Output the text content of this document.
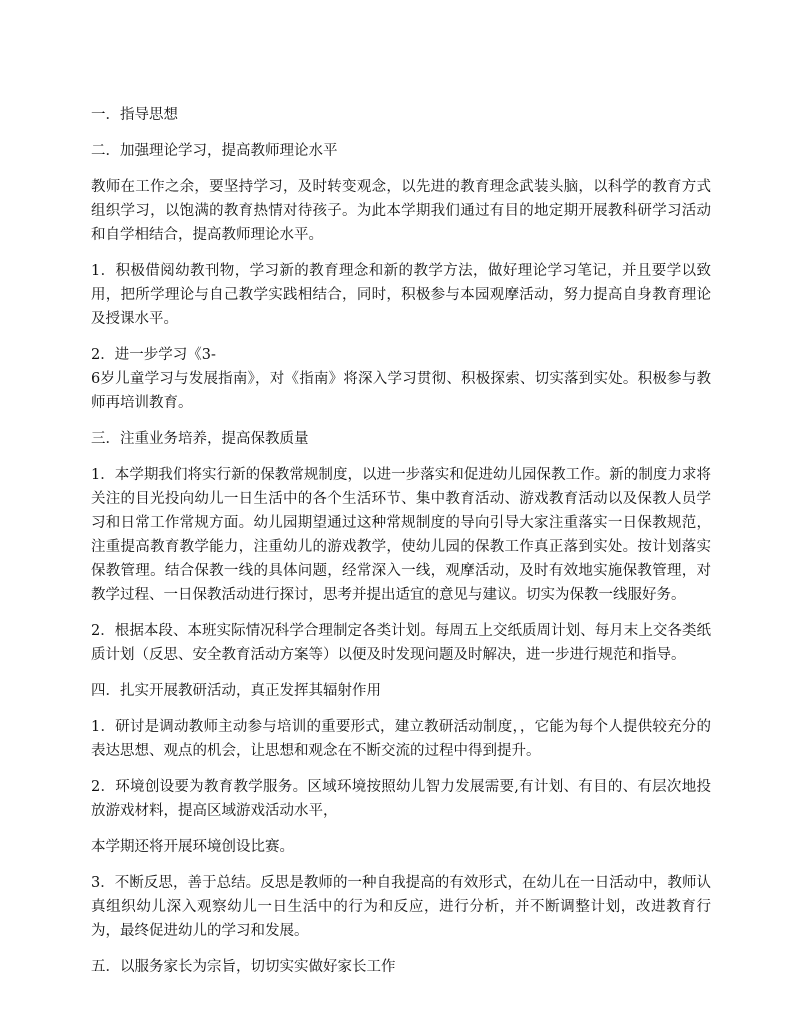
一．指导思想

二．加强理论学习，提高教师理论水平

教师在工作之余，要坚持学习，及时转变观念，以先进的教育理念武装头脑，以科学的教育方式组织学习，以饱满的教育热情对待孩子。为此本学期我们通过有目的地定期开展教科研学习活动和自学相结合，提高教师理论水平。

1．积极借阅幼教刊物，学习新的教育理念和新的教学方法，做好理论学习笔记，并且要学以致用，把所学理论与自己教学实践相结合，同时，积极参与本园观摩活动，努力提高自身教育理论及授课水平。

2．进一步学习《3-

6岁儿童学习与发展指南》，对《指南》将深入学习贯彻、积极探索、切实落到实处。积极参与教师再培训教育。

三．注重业务培养，提高保教质量

1．本学期我们将实行新的保教常规制度，以进一步落实和促进幼儿园保教工作。新的制度力求将关注的目光投向幼儿一日生活中的各个生活环节、集中教育活动、游戏教育活动以及保教人员学习和日常工作常规方面。幼儿园期望通过这种常规制度的导向引导大家注重落实一日保教规范，注重提高教育教学能力，注重幼儿的游戏教学，使幼儿园的保教工作真正落到实处。按计划落实保教管理。结合保教一线的具体问题，经常深入一线，观摩活动，及时有效地实施保教管理，对教学过程、一日保教活动进行探讨，思考并提出适宜的意见与建议。切实为保教一线服好务。

2．根据本段、本班实际情况科学合理制定各类计划。每周五上交纸质周计划、每月末上交各类纸质计划（反思、安全教育活动方案等）以便及时发现问题及时解决，进一步进行规范和指导。

四．扎实开展教研活动，真正发挥其辐射作用

1．研讨是调动教师主动参与培训的重要形式，建立教研活动制度，，它能为每个人提供较充分的表达思想、观点的机会，让思想和观念在不断交流的过程中得到提升。

2．环境创设要为教育教学服务。区域环境按照幼儿智力发展需要,有计划、有目的、有层次地投放游戏材料，提高区域游戏活动水平，

本学期还将开展环境创设比赛。

3．不断反思，善于总结。反思是教师的一种自我提高的有效形式，在幼儿在一日活动中，教师认真组织幼儿深入观察幼儿一日生活中的行为和反应，进行分析，并不断调整计划，改进教育行为，最终促进幼儿的学习和发展。

五．以服务家长为宗旨，切切实实做好家长工作
